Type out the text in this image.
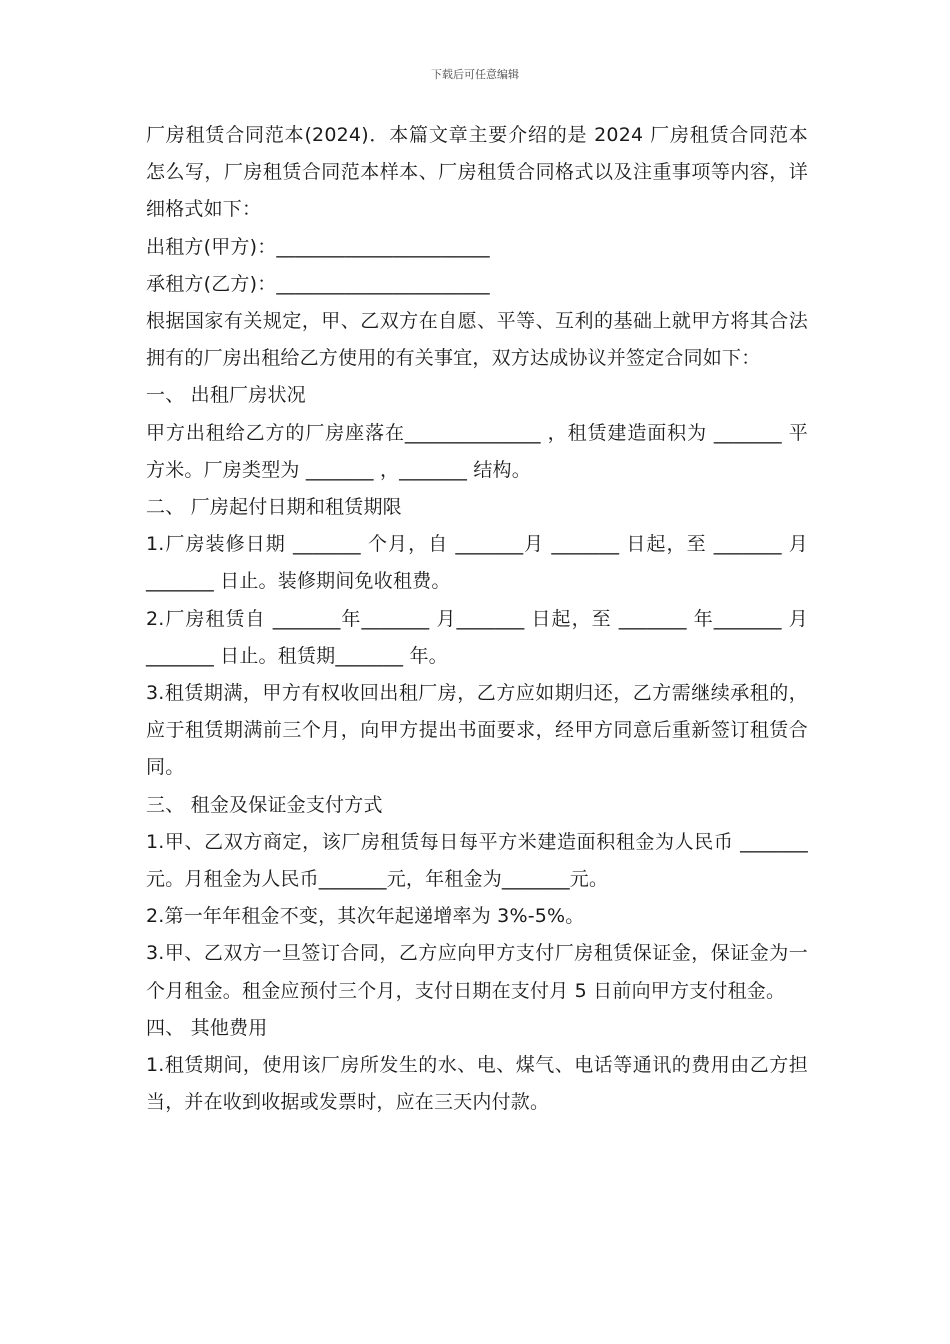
下载后可任意编辑

厂房租赁合同范本(2024)．本篇文章主要介绍的是 2024 厂房租赁合同范本怎么写，厂房租赁合同范本样本、厂房租赁合同格式以及注重事项等内容，详细格式如下：

出租方(甲方)：______________________

承租方(乙方)：______________________

根据国家有关规定，甲、乙双方在自愿、平等、互利的基础上就甲方将其合法拥有的厂房出租给乙方使用的有关事宜，双方达成协议并签定合同如下：

一、 出租厂房状况

甲方出租给乙方的厂房座落在______________ ，租赁建造面积为 _______ 平方米。厂房类型为 _______ ，_______ 结构。

二、 厂房起付日期和租赁期限

1.厂房装修日期 _______ 个月，自 _______月 _______ 日起，至 _______ 月_______ 日止。装修期间免收租费。

2.厂房租赁自 _______年_______ 月_______ 日起，至 _______ 年_______ 月_______ 日止。租赁期_______ 年。

3.租赁期满，甲方有权收回出租厂房，乙方应如期归还，乙方需继续承租的，应于租赁期满前三个月，向甲方提出书面要求，经甲方同意后重新签订租赁合同。

三、 租金及保证金支付方式

1.甲、乙双方商定，该厂房租赁每日每平方米建造面积租金为人民币 _______元。月租金为人民币_______元，年租金为_______元。

2.第一年年租金不变，其次年起递增率为 3%-5%。

3.甲、乙双方一旦签订合同，乙方应向甲方支付厂房租赁保证金，保证金为一个月租金。租金应预付三个月，支付日期在支付月 5 日前向甲方支付租金。

四、 其他费用

1.租赁期间，使用该厂房所发生的水、电、煤气、电话等通讯的费用由乙方担当，并在收到收据或发票时，应在三天内付款。
